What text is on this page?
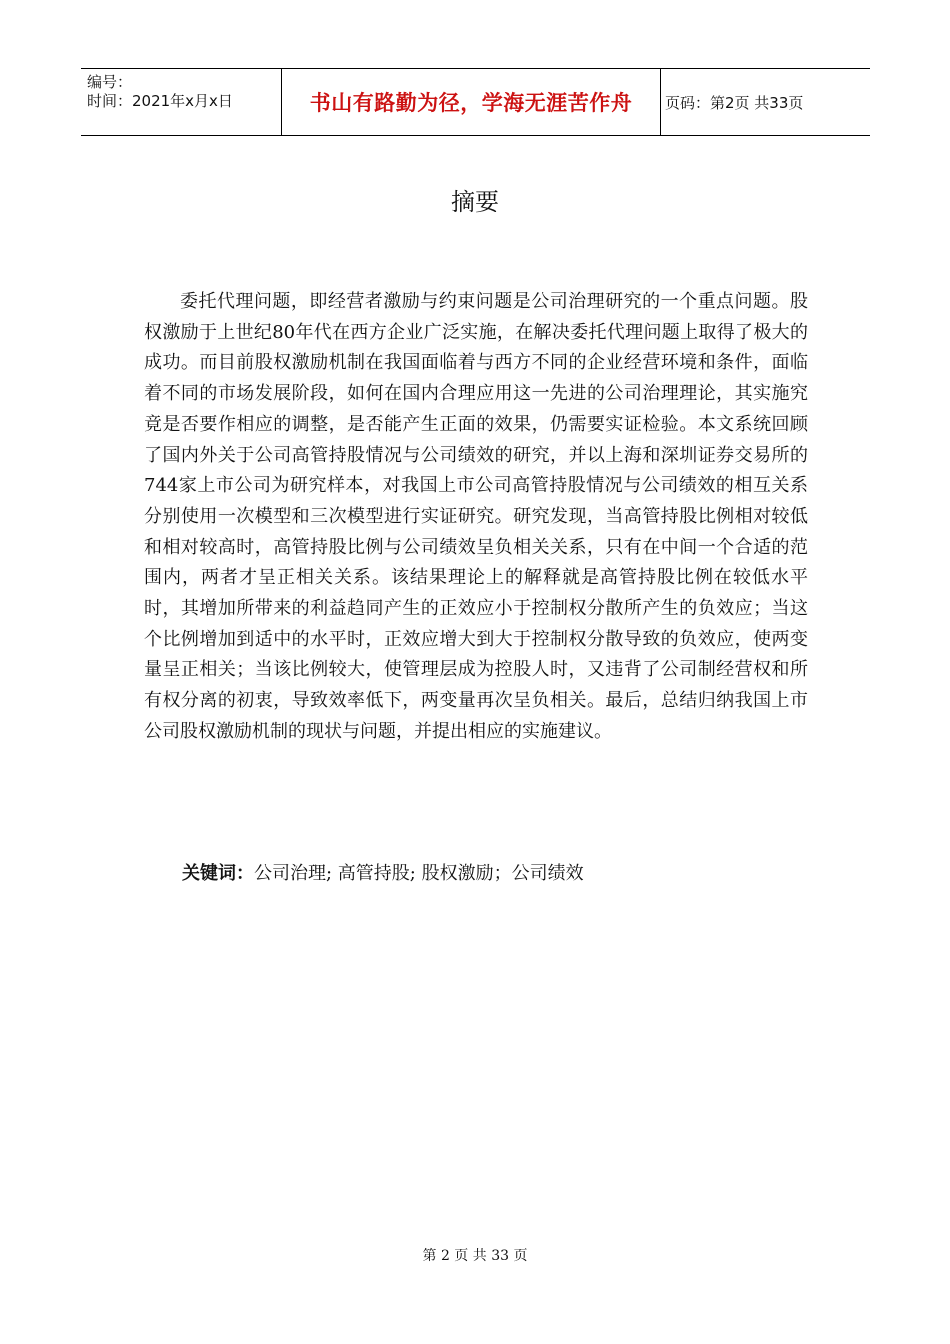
编号：
时间：2021年x月x日	书山有路勤为径，学海无涯苦作舟 页码：第2页 共33页
摘要

委托代理问题，即经营者激励与约束问题是公司治理研究的一个重点问题。股权激励于上世纪80年代在西方企业广泛实施，在解决委托代理问题上取得了极大的成功。而目前股权激励机制在我国面临着与西方不同的企业经营环境和条件，面临着不同的市场发展阶段，如何在国内合理应用这一先进的公司治理理论，其实施究竟是否要作相应的调整，是否能产生正面的效果，仍需要实证检验。本文系统回顾了国内外关于公司高管持股情况与公司绩效的研究，并以上海和深圳证券交易所的744家上市公司为研究样本，对我国上市公司高管持股情况与公司绩效的相互关系分别使用一次模型和三次模型进行实证研究。研究发现，当高管持股比例相对较低和相对较高时，高管持股比例与公司绩效呈负相关关系，只有在中间一个合适的范围内，两者才呈正相关关系。该结果理论上的解释就是高管持股比例在较低水平时，其增加所带来的利益趋同产生的正效应小于控制权分散所产生的负效应；当这个比例增加到适中的水平时，正效应增大到大于控制权分散导致的负效应，使两变量呈正相关；当该比例较大，使管理层成为控股人时，又违背了公司制经营权和所有权分离的初衷，导致效率低下，两变量再次呈负相关。最后，总结归纳我国上市公司股权激励机制的现状与问题，并提出相应的实施建议。

关键词：公司治理; 高管持股; 股权激励；公司绩效
第 2 页 共 33 页
